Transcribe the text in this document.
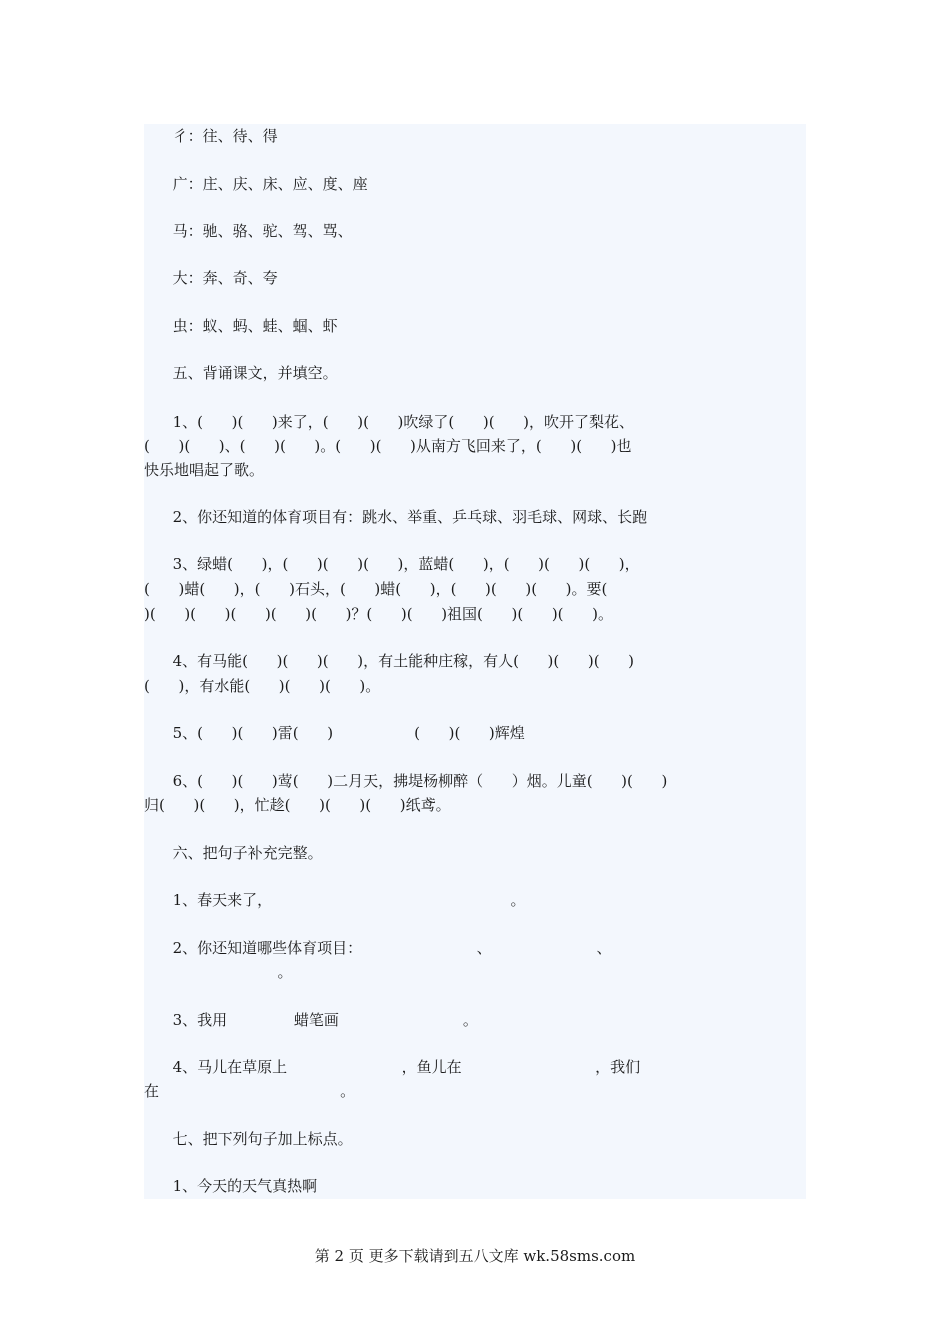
彳：往、待、得
广：庄、庆、床、应、度、座
马：驰、骆、驼、驾、骂、
大：奔、奇、夸
虫：蚁、蚂、蛙、蝈、虾
五、背诵课文，并填空。
1、(      )(      )来了，(      )(      )吹绿了(      )(      )，吹开了梨花、
(      )(      )、(      )(      )。(      )(      )从南方飞回来了，(      )(      )也
快乐地唱起了歌。
2、你还知道的体育项目有：跳水、举重、乒乓球、羽毛球、网球、长跑
3、绿蜡(      )，(      )(      )(      )，蓝蜡(      )，(      )(      )(      )，
(      )蜡(      )，(      )石头，(      )蜡(      )，(      )(      )(      )。要(
)(      )(      )(      )(      )(      )？(      )(      )祖国(      )(      )(      )。
4、有马能(      )(      )(      )，有土能种庄稼，有人(      )(      )(      )
(      )，有水能(      )(      )(      )。
5、(      )(      )雷(      )                 (      )(      )辉煌
6、(      )(      )莺(      )二月天，拂堤杨柳醉（      ）烟。儿童(      )(      )
归(      )(      )，忙趁(      )(      )(      )纸鸢。
六、把句子补充完整。
1、春天来了，                                                  。
2、你还知道哪些体育项目：                        、                      、
。
3、我用              蜡笔画                          。
4、马儿在草原上                        ，鱼儿在                            ，我们
在                                      。
七、把下列句子加上标点。
1、今天的天气真热啊
第 2 页 更多下载请到五八文库 wk.58sms.com
